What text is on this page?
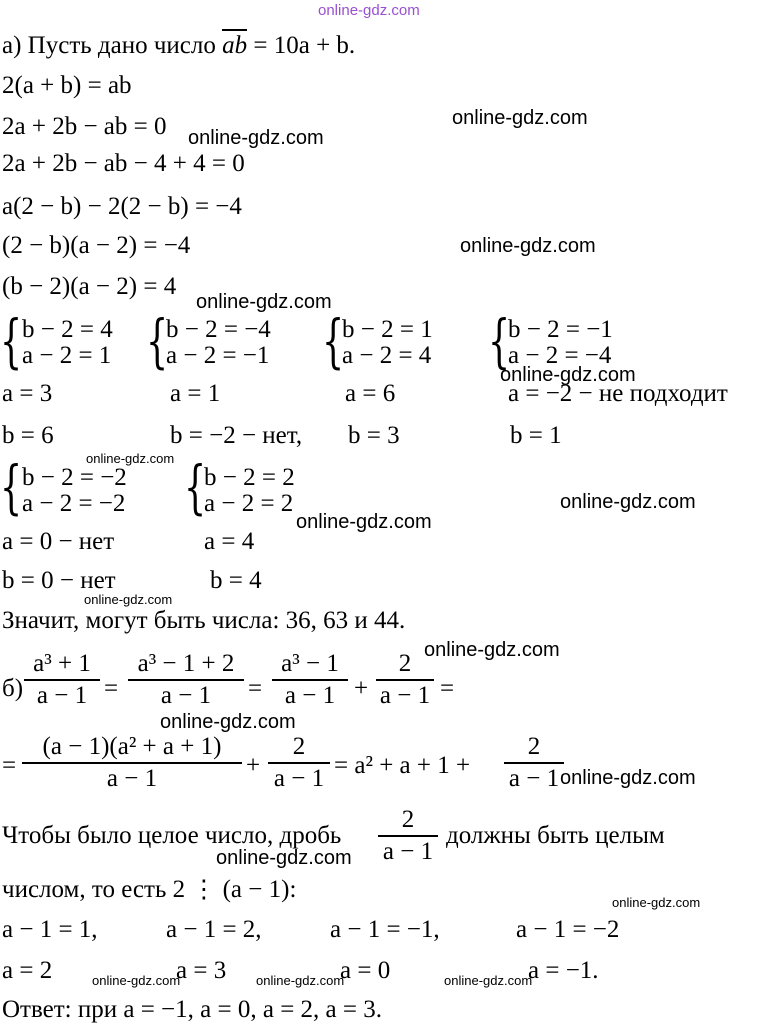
online-gdz.com
а) Пусть дано число ab = 10a + b.
2(a + b) = ab
2a + 2b − ab = 0
2a + 2b − ab − 4 + 4 = 0
a(2 − b) − 2(2 − b) = −4
(2 − b)(a − 2) = −4
(b − 2)(a − 2) = 4
{ b − 2 = 4
a − 2 = 1 {
b − 2 = −4
a − 2 = −1 {
b − 2 = 1
a − 2 = 4 {
b − 2 = −1
a − 2 = −4
a = 3	a = 1	a = 6	a = −2 − не подходит
b = 6	b = −2 − нет, b = 3	b = 1
{ b − 2 = −2
a − 2 = −2 {
b − 2 = 2
a − 2 = 2
a = 0 − нет	a = 4
b = 0 − нет	b = 4
Значит, могут быть числа: 36, 63 и 44.
б)
a³ + 1
a − 1 =
a³ − 1 + 2
a − 1	=
a³ − 1
a − 1 +
2
a − 1 =
=
(a − 1)(a² + a + 1)
a − 1	+
2
a − 1 = a² + a + 1 +
2
a − 1
Чтобы было целое число, дробь
2
a − 1
должны быть целым
числом, то есть 2 ⋮ (a − 1):
a − 1 = 1,	a − 1 = 2,	a − 1 = −1,	a − 1 = −2
a = 2	a = 3	a = 0	a = −1.
Ответ: при a = −1, a = 0, a = 2, a = 3.
online-gdz.com
online-gdz.com
online-gdz.com
online-gdz.com
online-gdz.com
online-gdz.com
online-gdz.com
online-gdz.com
online-gdz.com
online-gdz.com
online-gdz.com
online-gdz.com
online-gdz.com
online-gdz.com
online-gdz.com	online-gdz.com	online-gdz.com
